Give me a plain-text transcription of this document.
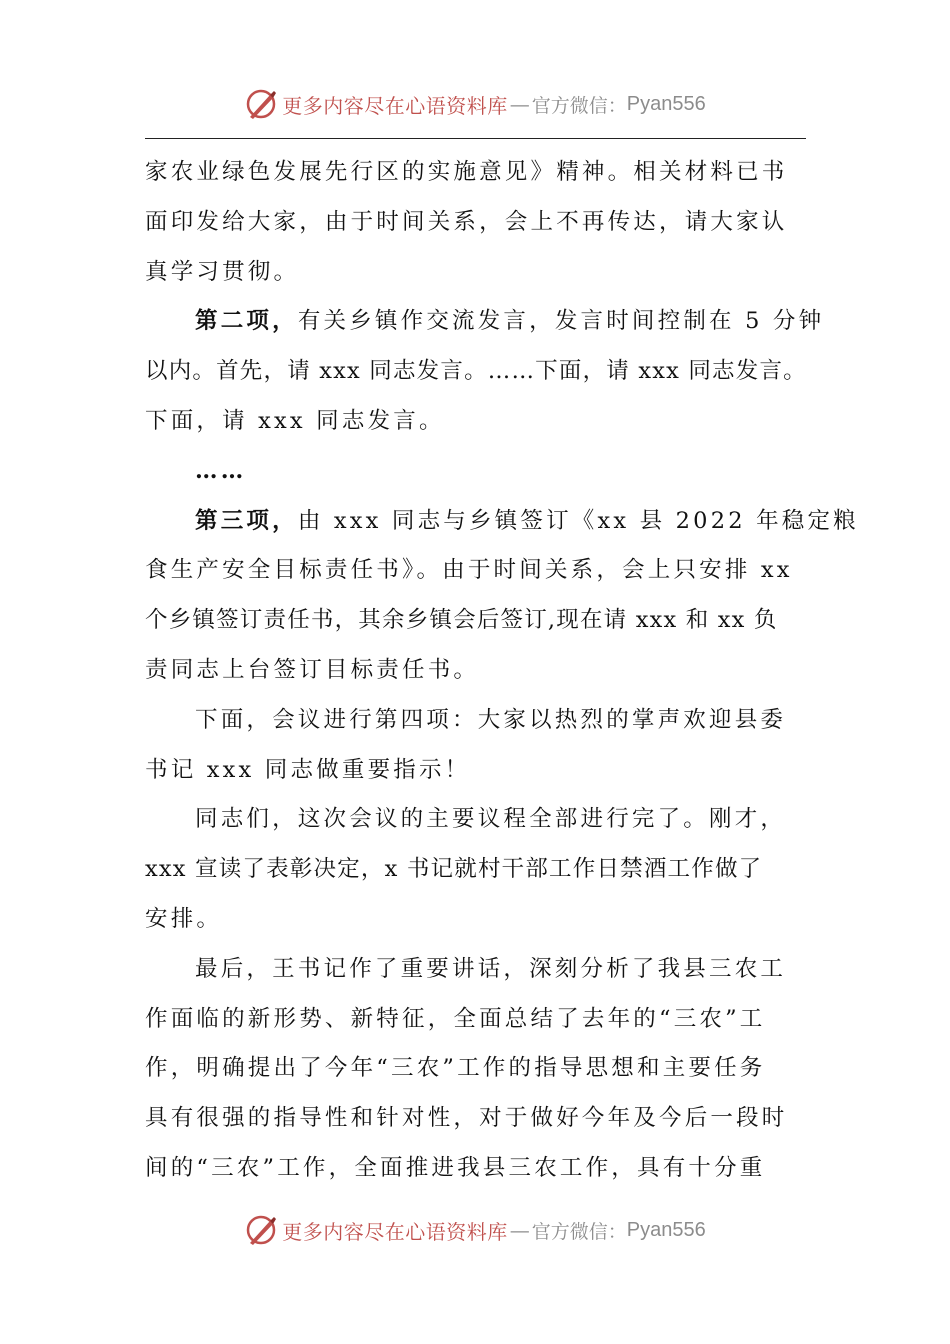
更多内容尽在心语资料库 — 官方微信： Pyan556
家农业绿色发展先行区的实施意见》精神。相关材料已书
面印发给大家，由于时间关系，会上不再传达，请大家认
真学习贯彻。
第二项，有关乡镇作交流发言，发言时间控制在 5 分钟
以内。首先，请 xxx 同志发言。……下面，请 xxx 同志发言。
下面，请 xxx 同志发言。
……
第三项，由 xxx 同志与乡镇签订《xx 县 2022 年稳定粮
食生产安全目标责任书》。由于时间关系，会上只安排 xx
个乡镇签订责任书，其余乡镇会后签订,现在请 xxx 和 xx 负
责同志上台签订目标责任书。
下面，会议进行第四项：大家以热烈的掌声欢迎县委
书记 xxx 同志做重要指示！
同志们，这次会议的主要议程全部进行完了。刚才，
xxx 宣读了表彰决定，x 书记就村干部工作日禁酒工作做了
安排。
最后，王书记作了重要讲话，深刻分析了我县三农工
作面临的新形势、新特征，全面总结了去年的“三农”工
作，明确提出了今年“三农”工作的指导思想和主要任务
具有很强的指导性和针对性，对于做好今年及今后一段时
间的“三农”工作，全面推进我县三农工作，具有十分重
更多内容尽在心语资料库 — 官方微信： Pyan556
